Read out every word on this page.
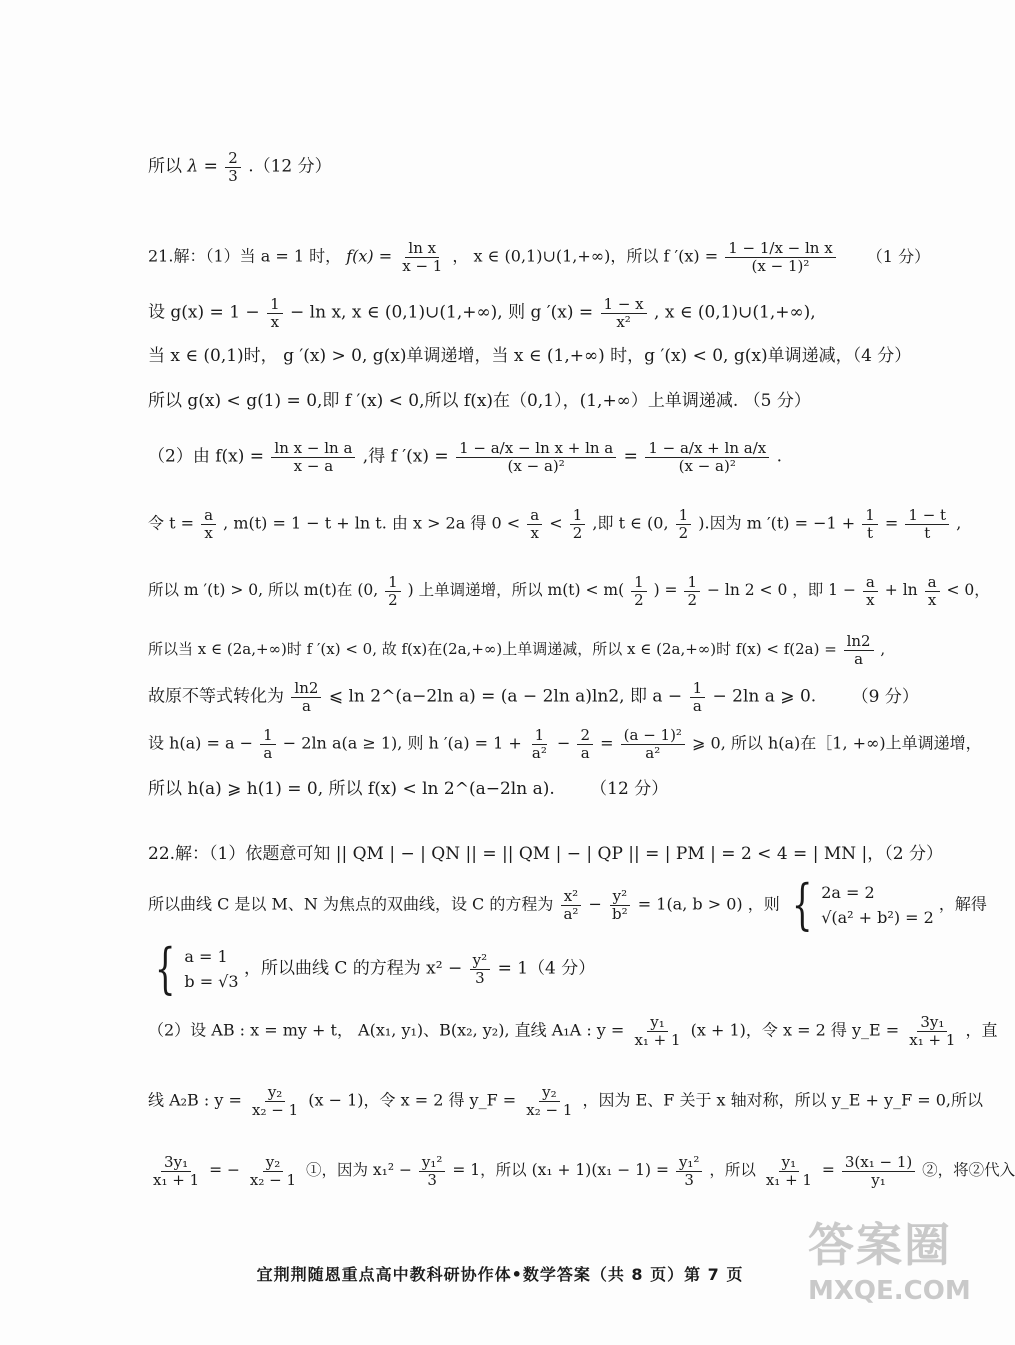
所以 $\lambda = \frac{2}{3} .(12$ 分）
21.解：（1）当 a = 1 时， $f(x) = \frac{\text{ln x}}{x - 1}$ ， x ∈ (0,1)∪(1,+∞)，所以 f $'(x) = \frac{\text{1 − 1/x − ln x}}{\text{(x − 1)²}} (1$ 分）
设 $g(x) = 1 - \frac{1}{x} - \ln x$, x ∈ (0,1)∪(1,+∞), 则 g $'(x) = \frac{1 - x}{\text{x²}}$ , x ∈ (0,1)∪(1,+∞),
当 x ∈ (0,1)时， g ′(x) > 0, g(x)单调递增，当 x ∈ (1,+∞) 时，g ′(x) < 0, g(x)单调递减，（4 分）
所以 g(x) < g(1) = 0,即 f ′(x) < 0,所以 f(x)在（0,1），(1,+∞）上单调递减. （5 分）
（2）由 $f(x) = \frac{\text{ln x − ln a}}{x - a}$ ,得 f $'(x) = \frac{\text{1 − a/x − ln x + ln a}}{\text{(x − a)²}} = \frac{\text{1 − a/x + ln a/x}}{\text{(x − a)²}}$ .
令 $t = \frac{a}{x}$ , m(t) = 1 − t + ln t. 由 x > 2a 得 $0 < \frac{a}{x} < \frac{1}{2}$ ,即 t ∈ (0, $\frac{1}{2}$ ).因为 m $'(t) = -1 + \frac{1}{t} = \frac{1 - t}{t}$ ,
所以 m ′(t) > 0, 所以 m(t)在 (0, $\frac{1}{2}$ ) 上单调递增，所以 $m(t) < m( \frac{1}{2}$ ) = $\frac{1}{2} - \ln 2 < 0$ ，即 $1 - \frac{a}{x} + \ln \frac{a}{x} < 0$，
所以当 x ∈ (2a,+∞)时 f ′(x) < 0, 故 f(x)在(2a,+∞)上单调递减，所以 x ∈ (2a,+∞)时 $f(x) < f(2a) = \frac{\ln 2}{a}$ ,
故原不等式转化为 $\frac{\ln 2}{a}$ ⩽ ln 2^(a−2ln a) = (a − 2ln a)ln2, 即 $a - \frac{1}{a} - 2\ln$ a ⩾ 0. （9 分）
设 $h(a) = a - \frac{1}{a} - 2\ln$ a(a ≥ 1), 则 h $'(a) = 1 + \frac{1}{\text{a²}} - \frac{2}{a} = \frac{\text{(a − 1)²}}{\text{a²}}$ ⩾ 0, 所以 h(a)在［1, +∞)上单调递增，
所以 h(a) ⩾ h(1) = 0, 所以 f(x) < ln 2^(a−2ln a). （12 分）
22.解：（1）依题意可知 || QM | − | QN || = || QM | − | QP || = | PM | = 2 < 4 = | MN |，（2 分）
所以曲线 C 是以 M、N 为焦点的双曲线，设 C 的方程为 $\frac{\text{x²}}{\text{a²}} - \frac{\text{y²}}{\text{b²}} = 1(a$, b > 0) ，则 { 2a = 2
√(a² + b²) = 2
，解得
{ a = 1
b = √3
，所以曲线 C 的方程为 $x^2 - \frac{\text{y²}}{3} = 1(4$ 分）
（2）设 AB : x = my + t， A(x₁, y₁)、B(x₂, y₂), 直线 A₁A : $y = \frac{\text{y₁}}{\text{x₁ + 1}} (x + 1)$，令 x = 2 得 y_E = $\frac{\text{3y₁}}{\text{x₁ + 1}}$ ，直
线 A₂B : $y = \frac{\text{y₂}}{\text{x₂ − 1}} (x - 1)$，令 x = 2 得 y_F = $\frac{\text{y₂}}{\text{x₂ − 1}}$ ，因为 E、F 关于 x 轴对称，所以 y_E + y_F = 0,所以
$\frac{\text{3y₁}}{\text{x₁ + 1}}$ = − $\frac{\text{y₂}}{\text{x₂ − 1}}$ ①，因为 $x_1^2 - \frac{\text{y₁²}}{3} = 1$，所以 $(x_1 + 1)(x_1 - 1) = \frac{\text{y₁²}}{3}$ ，所以 $\frac{\text{y₁}}{\text{x₁ + 1}} = \frac{\text{3(x₁ − 1)}}{\text{y₁}}$ ②，将②代入
宜荆荆随恩重点高中教科研协作体•数学答案（共 8 页）第 7 页
答案圈
MXQE.COM
